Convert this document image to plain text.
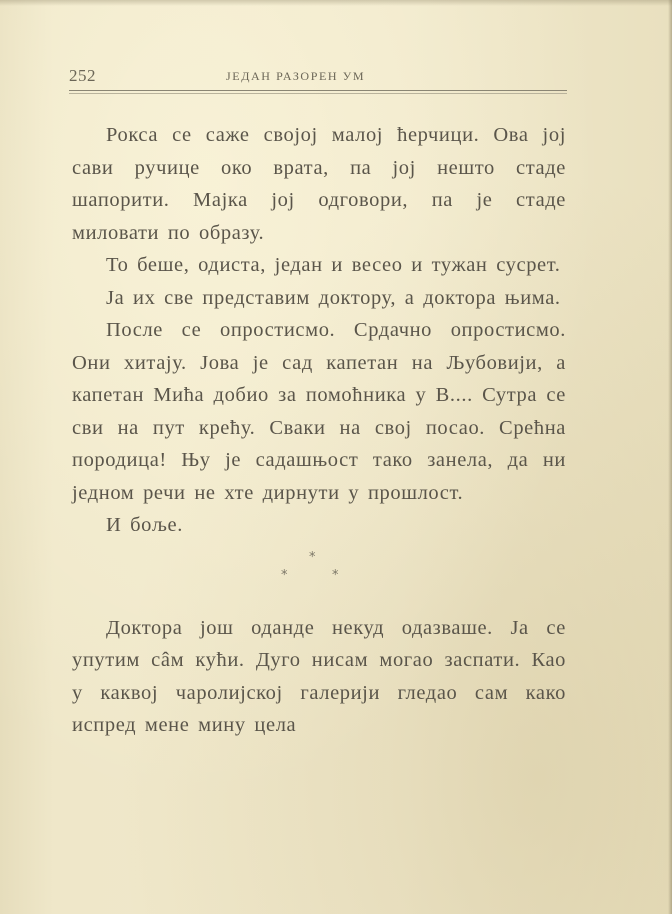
252	ЈЕДАН РАЗОРЕН УМ

Рокса се саже својој малој ћерчици. Ова јој сави ручице око врата, па јој нешто стаде шапорити. Мајка јој одговори, па је стаде миловати по образу.

То беше, одиста, један и весео и тужан сусрет.

Ја их све представим доктору, а доктора њима.

После се опростисмо. Срдачно опростисмо. Они хитају. Јова је сад капетан на Љубовији, а капетан Мића добио за помоћника у В.... Сутра се сви на пут крећу. Сваки на свој посао. Срећна породица! Њу је садашњост тако занела, да ни једном речи не хте дирнути у прошлост.

И боље.

*
*	*

Доктора још оданде некуд одазваше. Ја се упутим сâм кући. Дуго нисам могао заспати. Као у каквој чаролијској галерији гледао сам како испред мене мину цела
